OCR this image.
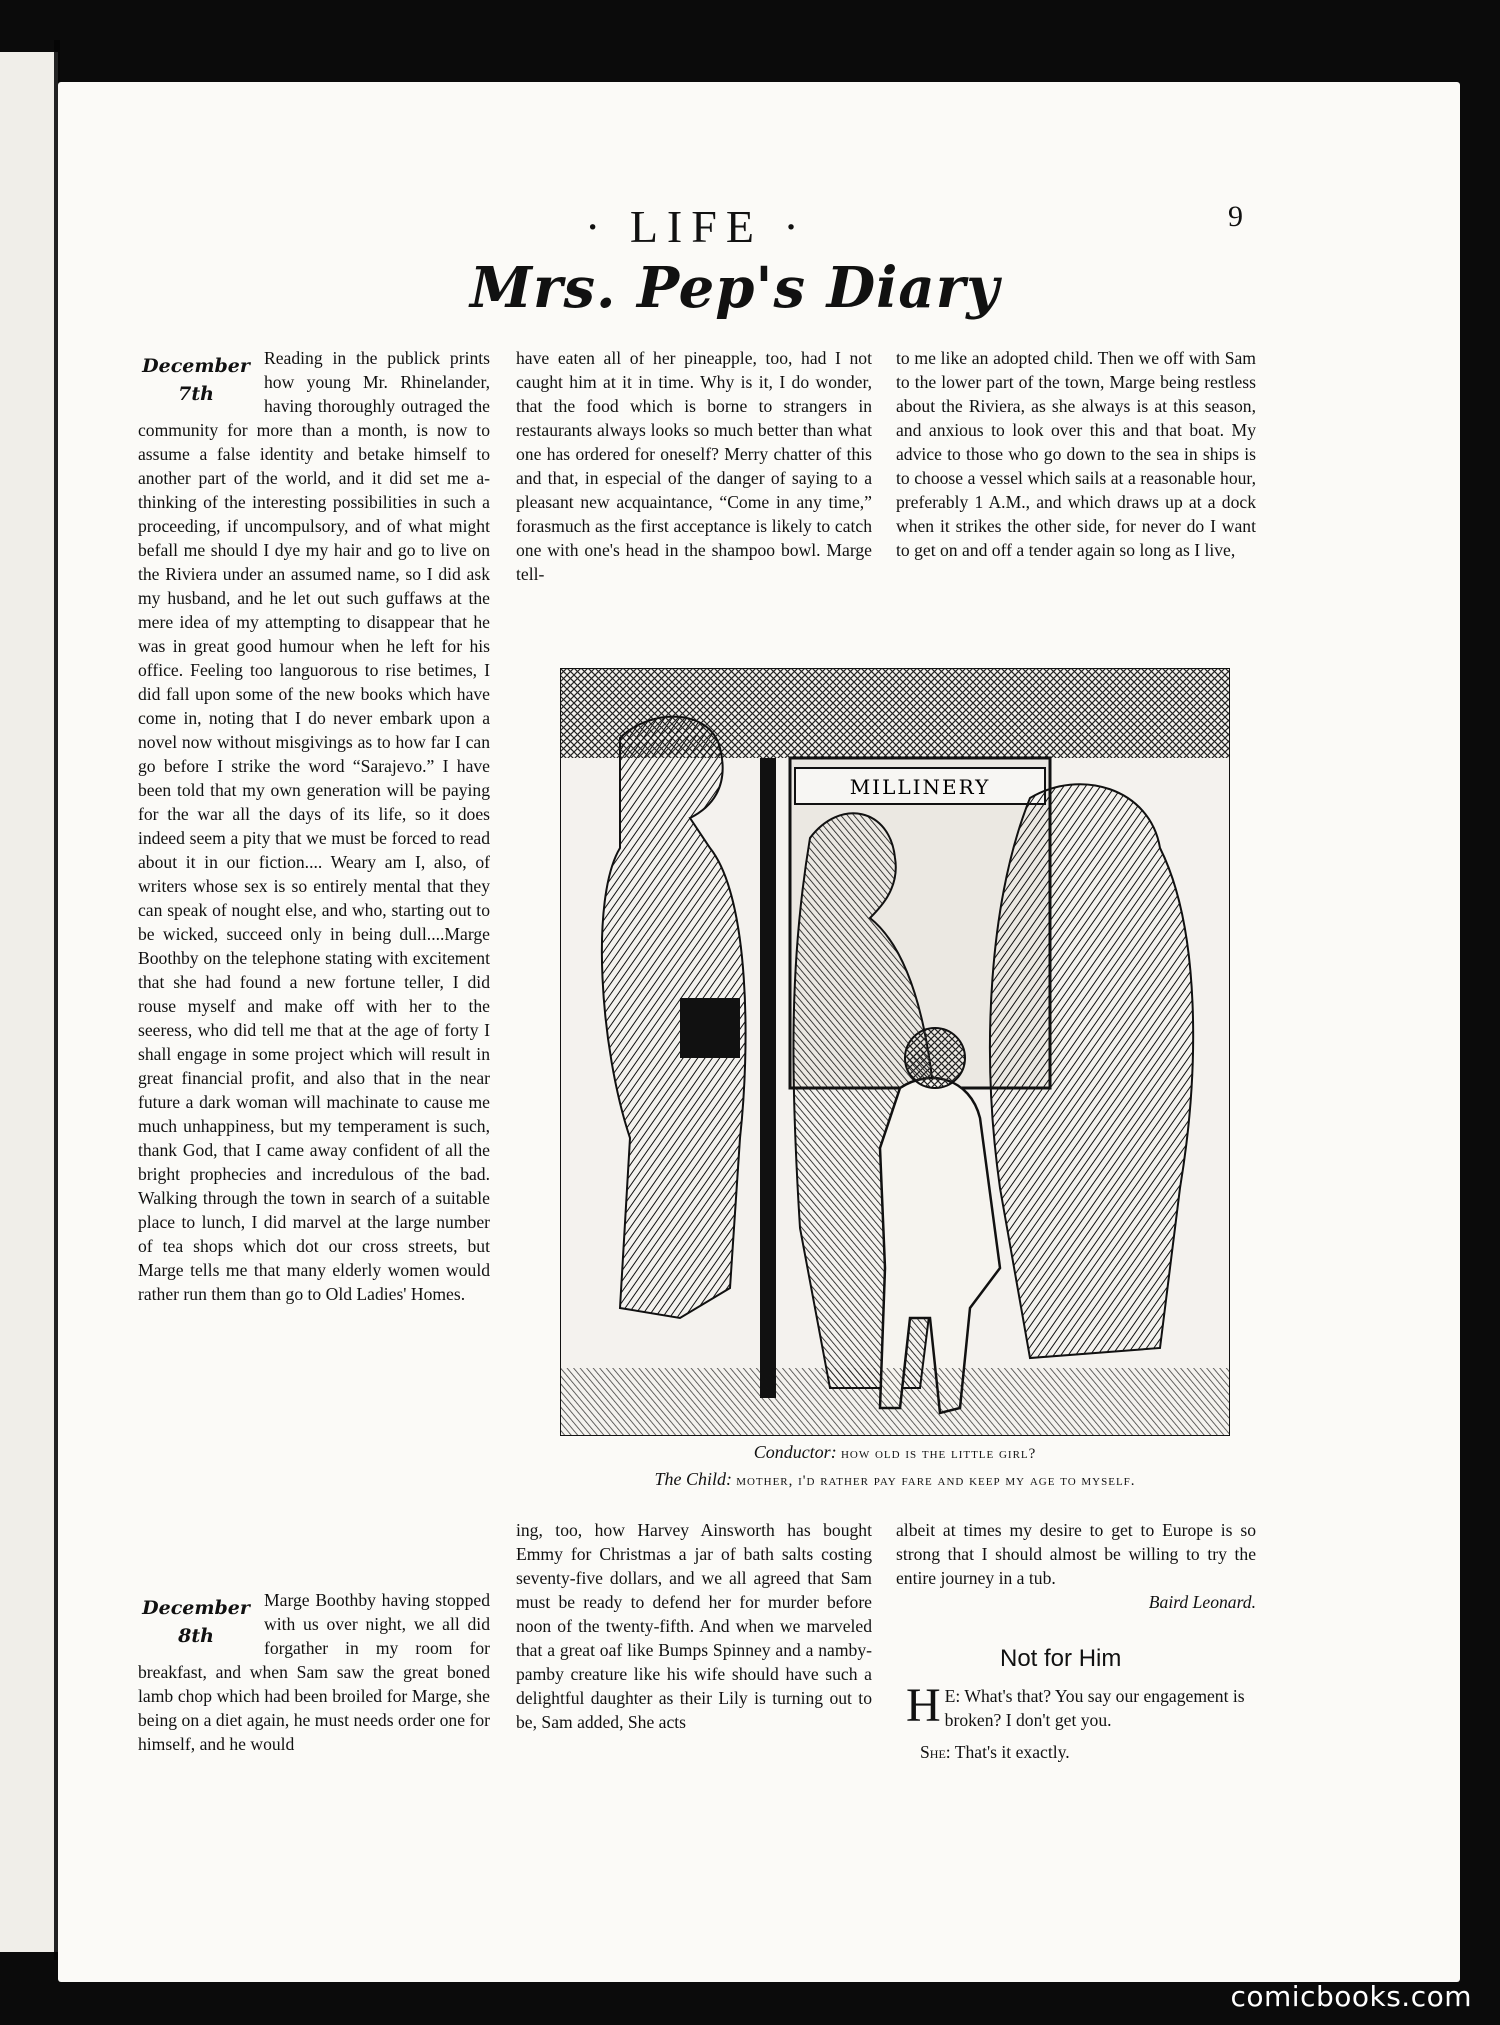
· LIFE ·	9
Mrs. Pep's Diary
December
7th

Reading in the publick prints how young Mr. Rhinelander, having thoroughly outraged the community for more than a month, is now to assume a false identity and betake himself to another part of the world, and it did set me a-thinking of the interesting possibilities in such a proceeding, if uncompulsory, and of what might befall me should I dye my hair and go to live on the Riviera under an assumed name, so I did ask my husband, and he let out such guffaws at the mere idea of my attempting to disappear that he was in great good humour when he left for his office. Feeling too languorous to rise betimes, I did fall upon some of the new books which have come in, noting that I do never embark upon a novel now without misgivings as to how far I can go before I strike the word “Sarajevo.” I have been told that my own generation will be paying for the war all the days of its life, so it does indeed seem a pity that we must be forced to read about it in our fiction.... Weary am I, also, of writers whose sex is so entirely mental that they can speak of nought else, and who, starting out to be wicked, succeed only in being dull....Marge Boothby on the telephone stating with excitement that she had found a new fortune teller, I did rouse myself and make off with her to the seeress, who did tell me that at the age of forty I shall engage in some project which will result in great financial profit, and also that in the near future a dark woman will machinate to cause me much unhappiness, but my temperament is such, thank God, that I came away confident of all the bright prophecies and incredulous of the bad. Walking through the town in search of a suitable place to lunch, I did marvel at the large number of tea shops which dot our cross streets, but Marge tells me that many elderly women would rather run them than go to Old Ladies' Homes.

December
8th

Marge Boothby having stopped with us over night, we all did forgather in my room for breakfast, and when Sam saw the great boned lamb chop which had been broiled for Marge, she being on a diet again, he must needs order one for himself, and he would

have eaten all of her pineapple, too, had I not caught him at it in time. Why is it, I do wonder, that the food which is borne to strangers in restaurants always looks so much better than what one has ordered for oneself? Merry chatter of this and that, in especial of the danger of saying to a pleasant new acquaintance, “Come in any time,” forasmuch as the first acceptance is likely to catch one with one's head in the shampoo bowl. Marge tell-

to me like an adopted child. Then we off with Sam to the lower part of the town, Marge being restless about the Riviera, as she always is at this season, and anxious to look over this and that boat. My advice to those who go down to the sea in ships is to choose a vessel which sails at a reasonable hour, preferably 1 A.M., and which draws up at a dock when it strikes the other side, for never do I want to get on and off a tender again so long as I live,

MILLINERY
Conductor: how old is the little girl?
The Child: mother, i'd rather pay fare and keep my age to myself.

ing, too, how Harvey Ainsworth has bought Emmy for Christmas a jar of bath salts costing seventy-five dollars, and we all agreed that Sam must be ready to defend her for murder before noon of the twenty-fifth. And when we marveled that a great oaf like Bumps Spinney and a namby-pamby creature like his wife should have such a delightful daughter as their Lily is turning out to be, Sam added, She acts

albeit at times my desire to get to Europe is so strong that I should almost be willing to try the entire journey in a tub.

Baird Leonard.

Not for Him

H E: What's that? You say our engagement is broken? I don't get you.

She: That's it exactly.

comicbooks.com
